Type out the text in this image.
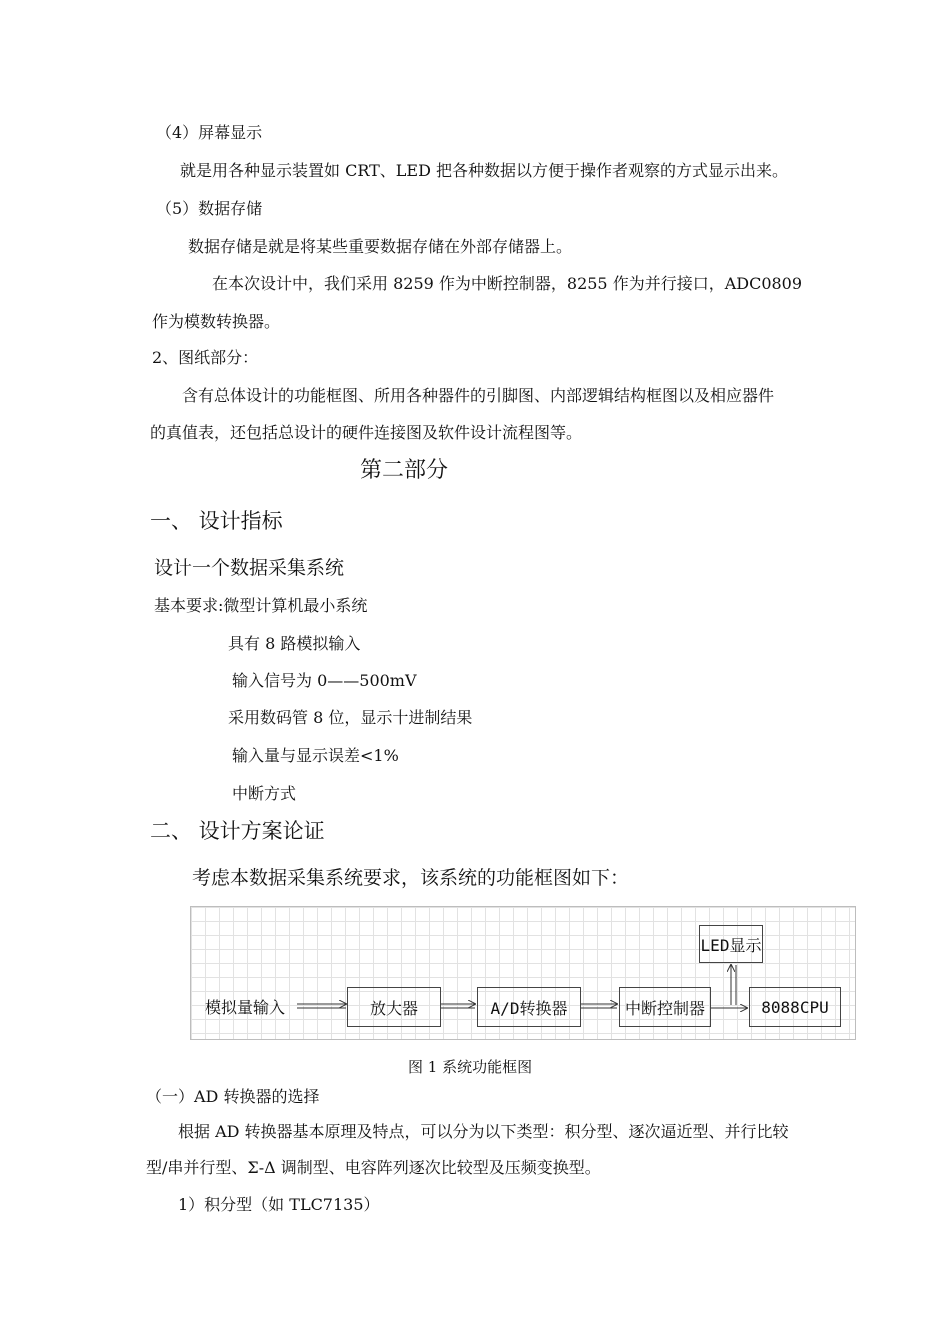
（4）屏幕显示
就是用各种显示装置如 CRT、LED 把各种数据以方便于操作者观察的方式显示出来。
（5）数据存储
数据存储是就是将某些重要数据存储在外部存储器上。
在本次设计中，我们采用 8259 作为中断控制器，8255 作为并行接口，ADC0809
作为模数转换器。
2、图纸部分：
含有总体设计的功能框图、所用各种器件的引脚图、内部逻辑结构框图以及相应器件
的真值表，还包括总设计的硬件连接图及软件设计流程图等。
第二部分
一、 设计指标
设计一个数据采集系统
基本要求:微型计算机最小系统
具有 8 路模拟输入
输入信号为 0——500mV
采用数码管 8 位，显示十进制结果
输入量与显示误差<1%
中断方式
二、 设计方案论证
考虑本数据采集系统要求，该系统的功能框图如下：
模拟量输入	放大器	A/D转换器	中断控制器	8088CPU
LED显示
图 1 系统功能框图
（一）AD 转换器的选择
根据 AD 转换器基本原理及特点，可以分为以下类型：积分型、逐次逼近型、并行比较
型/串并行型、Σ-Δ 调制型、电容阵列逐次比较型及压频变换型。
1）积分型（如 TLC7135）
